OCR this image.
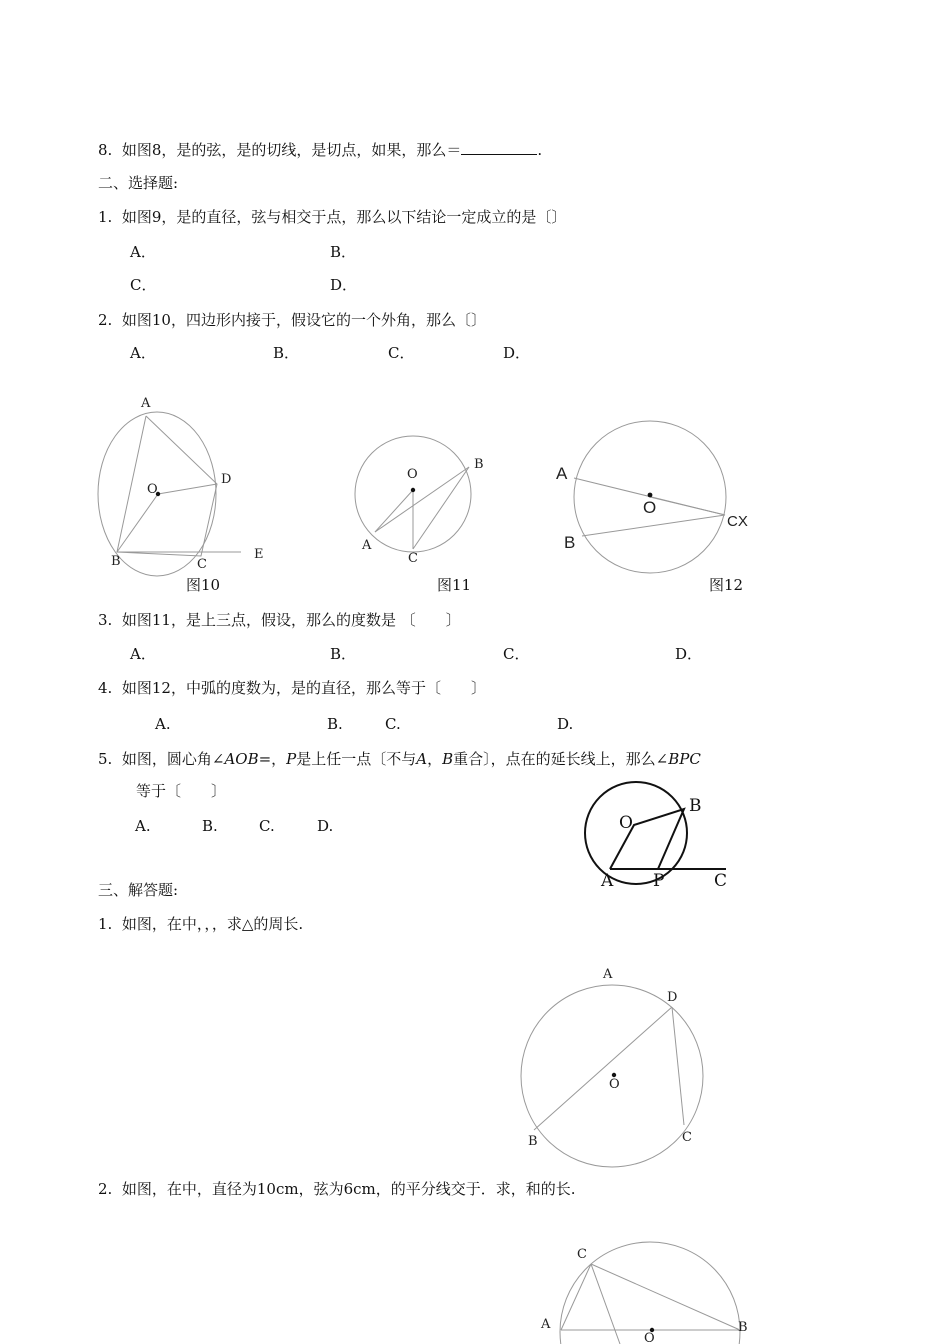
8. 如图8，是的弦，是的切线，是切点，如果，那么＝	.
二、选择题:
1. 如图9，是的直径，弦与相交于点，那么以下结论一定成立的是〔〕
A．	B．
C．	D．
2. 如图10，四边形内接于，假设它的一个外角，那么〔〕
A．	B．	C．	D．
A
O
D
B	C
E
O
B
A
C
A
D
O
B	C
C
A
O
B
A
O
CX
B
O
B
A P	C
图10	图11	图12
3. 如图11，是上三点，假设，那么的度数是 〔　　〕
A．	B．	C．	D．
4. 如图12，中弧的度数为，是的直径，那么等于〔　　〕
A.	B.	C.	D.
5. 如图，圆心角∠AOB=，P是上任一点〔不与A，B重合〕，点在的延长线上，那么∠BPC
等于〔　　〕
A.	B.	C.	D.
三、解答题:
1. 如图，在中，，，求△的周长.
2. 如图，在中，直径为10cm，弦为6cm，的平分线交于．求，和的长.
